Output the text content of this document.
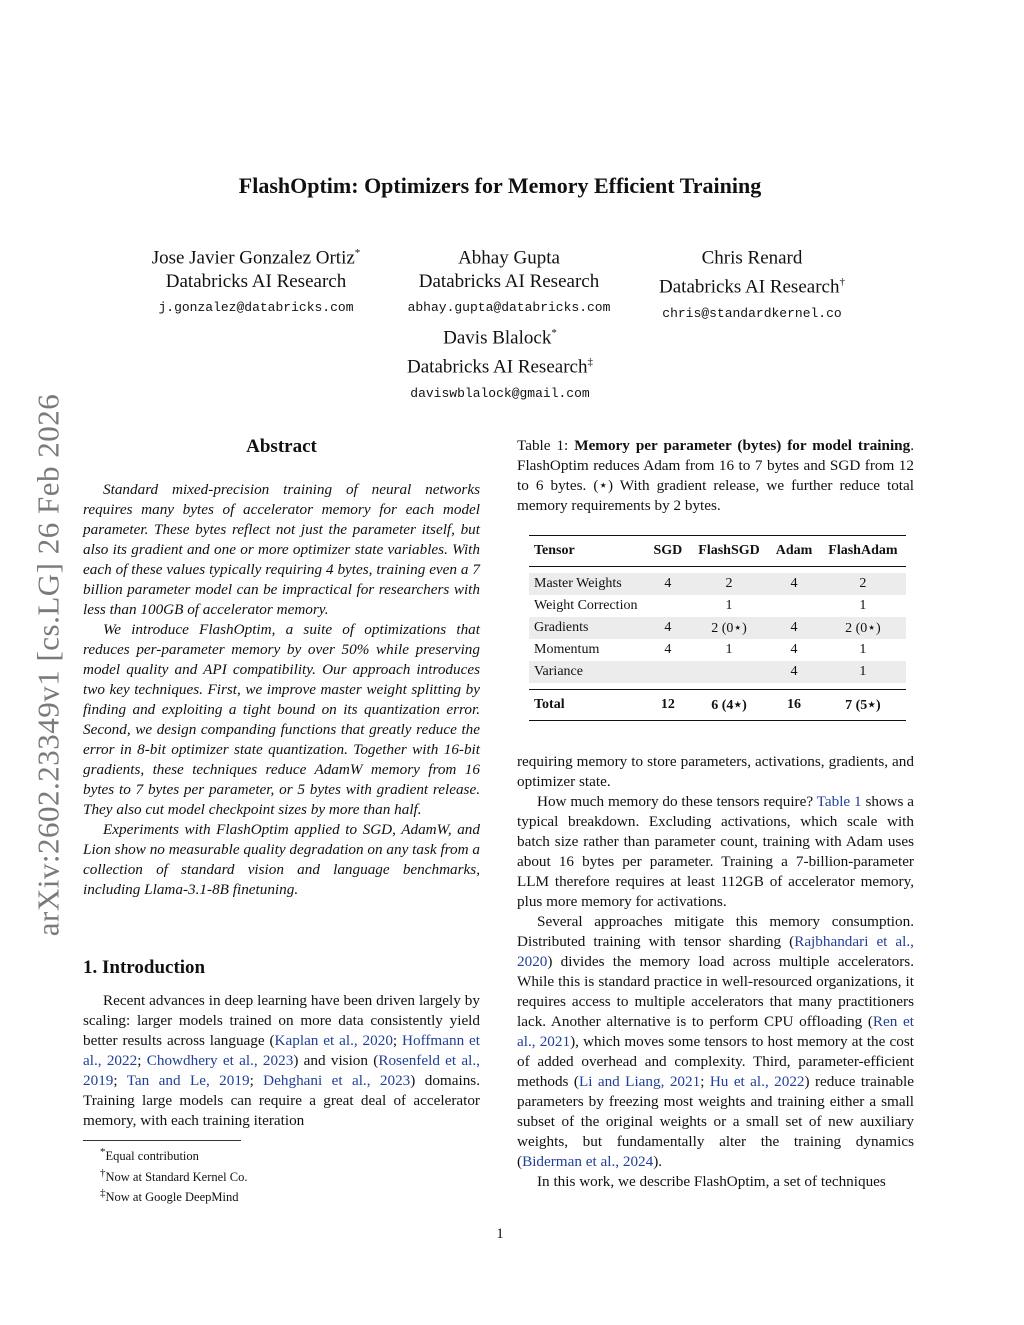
arXiv:2602.23349v1 [cs.LG] 26 Feb 2026
FlashOptim: Optimizers for Memory Efficient Training
Jose Javier Gonzalez Ortiz*
Databricks AI Research
j.gonzalez@databricks.com
Abhay Gupta
Databricks AI Research
abhay.gupta@databricks.com
Chris Renard
Databricks AI Research†
chris@standardkernel.co
Davis Blalock*
Databricks AI Research‡
daviswblalock@gmail.com
Abstract

Standard mixed-precision training of neural networks requires many bytes of accelerator memory for each model parameter. These bytes reflect not just the parameter itself, but also its gradient and one or more optimizer state variables. With each of these values typically requiring 4 bytes, training even a 7 billion parameter model can be impractical for researchers with less than 100GB of accelerator memory.

We introduce FlashOptim, a suite of optimizations that reduces per-parameter memory by over 50% while preserving model quality and API compatibility. Our approach introduces two key techniques. First, we improve master weight splitting by finding and exploiting a tight bound on its quantization error. Second, we design companding functions that greatly reduce the error in 8-bit optimizer state quantization. Together with 16-bit gradients, these techniques reduce AdamW memory from 16 bytes to 7 bytes per parameter, or 5 bytes with gradient release. They also cut model checkpoint sizes by more than half.

Experiments with FlashOptim applied to SGD, AdamW, and Lion show no measurable quality degradation on any task from a collection of standard vision and language benchmarks, including Llama-3.1-8B finetuning.

1. Introduction

Recent advances in deep learning have been driven largely by scaling: larger models trained on more data consistently yield better results across language (Kaplan et al., 2020; Hoffmann et al., 2022; Chowdhery et al., 2023) and vision (Rosenfeld et al., 2019; Tan and Le, 2019; Dehghani et al., 2023) domains. Training large models can require a great deal of accelerator memory, with each training iteration

*Equal contribution
†Now at Standard Kernel Co.
‡Now at Google DeepMind
Table 1: Memory per parameter (bytes) for model training. FlashOptim reduces Adam from 16 to 7 bytes and SGD from 12 to 6 bytes. (⋆) With gradient release, we further reduce total memory requirements by 2 bytes.
Tensor	SGD	FlashSGD	Adam	FlashAdam

Master Weights	4	2	4	2
Weight Correction		1		1
Gradients	4	2 (0⋆)	4	2 (0⋆)
Momentum	4	1	4	1
Variance			4	1

Total	12	6 (4⋆)	16	7 (5⋆)

requiring memory to store parameters, activations, gradients, and optimizer state.

How much memory do these tensors require? Table 1 shows a typical breakdown. Excluding activations, which scale with batch size rather than parameter count, training with Adam uses about 16 bytes per parameter. Training a 7-billion-parameter LLM therefore requires at least 112GB of accelerator memory, plus more memory for activations.

Several approaches mitigate this memory consumption. Distributed training with tensor sharding (Rajbhandari et al., 2020) divides the memory load across multiple accelerators. While this is standard practice in well-resourced organizations, it requires access to multiple accelerators that many practitioners lack. Another alternative is to perform CPU offloading (Ren et al., 2021), which moves some tensors to host memory at the cost of added overhead and complexity. Third, parameter-efficient methods (Li and Liang, 2021; Hu et al., 2022) reduce trainable parameters by freezing most weights and training either a small subset of the original weights or a small set of new auxiliary weights, but fundamentally alter the training dynamics (Biderman et al., 2024).

In this work, we describe FlashOptim, a set of techniques

1
